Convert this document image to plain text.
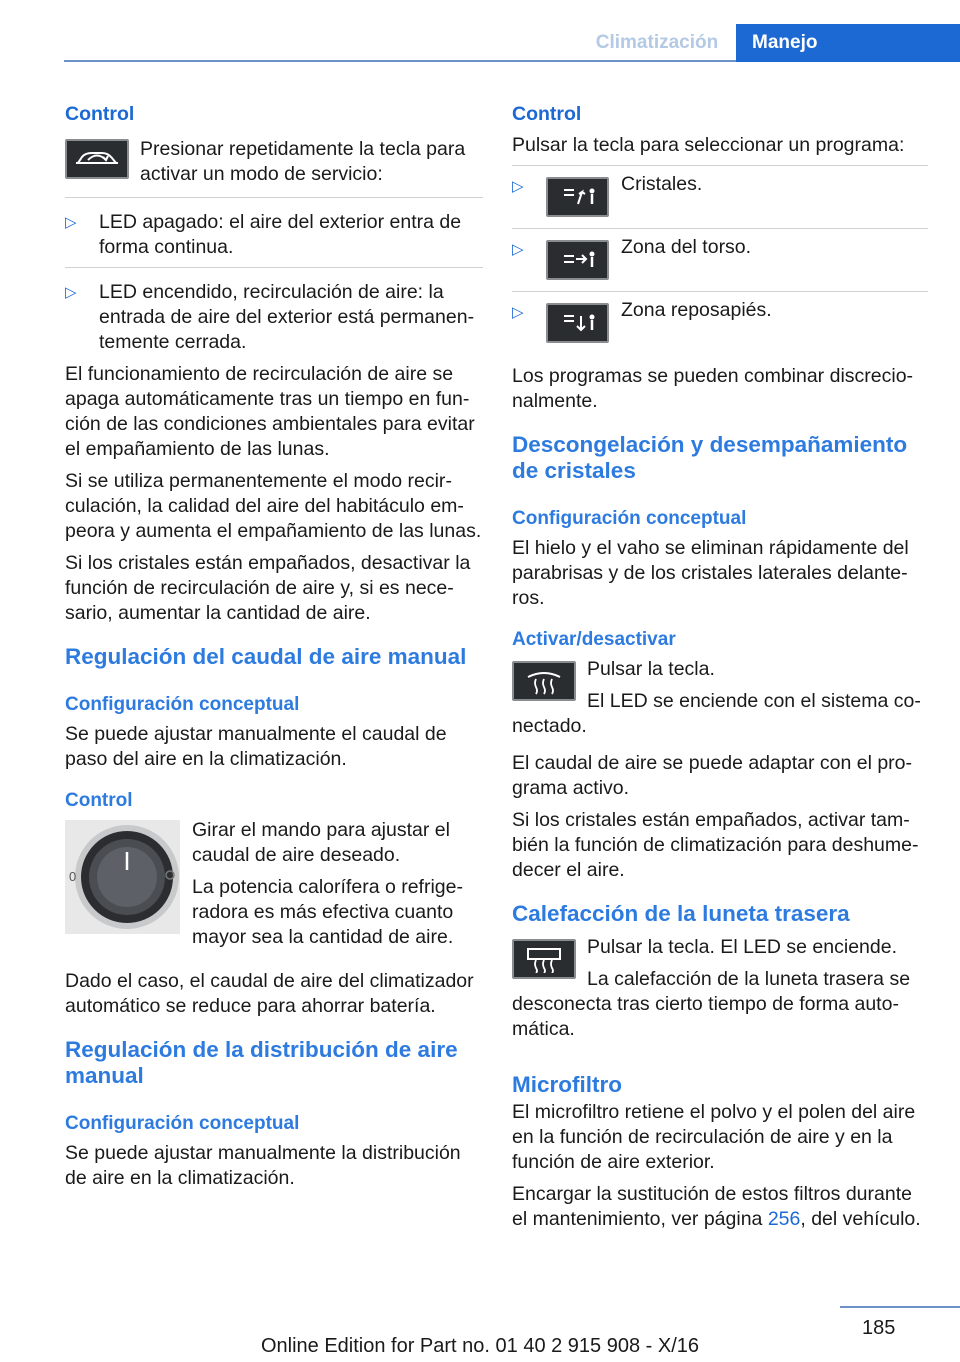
Climatización	Manejo
Control
Presionar repetidamente la tecla para activar un modo de servicio:
▷	LED apagado: el aire del exterior entra de forma continua.
▷	LED encendido, recirculación de aire: la entrada de aire del exterior está permanentemente cerrada.

El funcionamiento de recirculación de aire se apaga automáticamente tras un tiempo en función de las condiciones ambientales para evitar el empañamiento de las lunas.

Si se utiliza permanentemente el modo recirculación, la calidad del aire del habitáculo empeora y aumenta el empañamiento de las lunas.

Si los cristales están empañados, desactivar la función de recirculación de aire y, si es necesario, aumentar la cantidad de aire.

Regulación del caudal de aire manual
Configuración conceptual

Se puede ajustar manualmente el caudal de paso del aire en la climatización.

Control
0

Girar el mando para ajustar el caudal de aire deseado.

La potencia calorífera o refrigeradora es más efectiva cuanto mayor sea la cantidad de aire.

Dado el caso, el caudal de aire del climatizador automático se reduce para ahorrar batería.

Regulación de la distribución de aire manual
Configuración conceptual

Se puede ajustar manualmente la distribución de aire en la climatización.

Control

Pulsar la tecla para seleccionar un programa:

▷	Cristales.
▷	Zona del torso.
▷	Zona reposapiés.

Los programas se pueden combinar discrecionalmente.

Descongelación y desempañamiento de cristales
Configuración conceptual

El hielo y el vaho se eliminan rápidamente del parabrisas y de los cristales laterales delanteros.

Activar/desactivar

Pulsar la tecla.

El LED se enciende con el sistema conectado.

El caudal de aire se puede adaptar con el programa activo.

Si los cristales están empañados, activar también la función de climatización para deshumedecer el aire.

Calefacción de la luneta trasera

Pulsar la tecla. El LED se enciende.

La calefacción de la luneta trasera se desconecta tras cierto tiempo de forma automática.

Microfiltro

El microfiltro retiene el polvo y el polen del aire en la función de recirculación de aire y en la función de aire exterior.

Encargar la sustitución de estos filtros durante el mantenimiento, ver página 256, del vehículo.

185
Online Edition for Part no. 01 40 2 915 908 - X/16
